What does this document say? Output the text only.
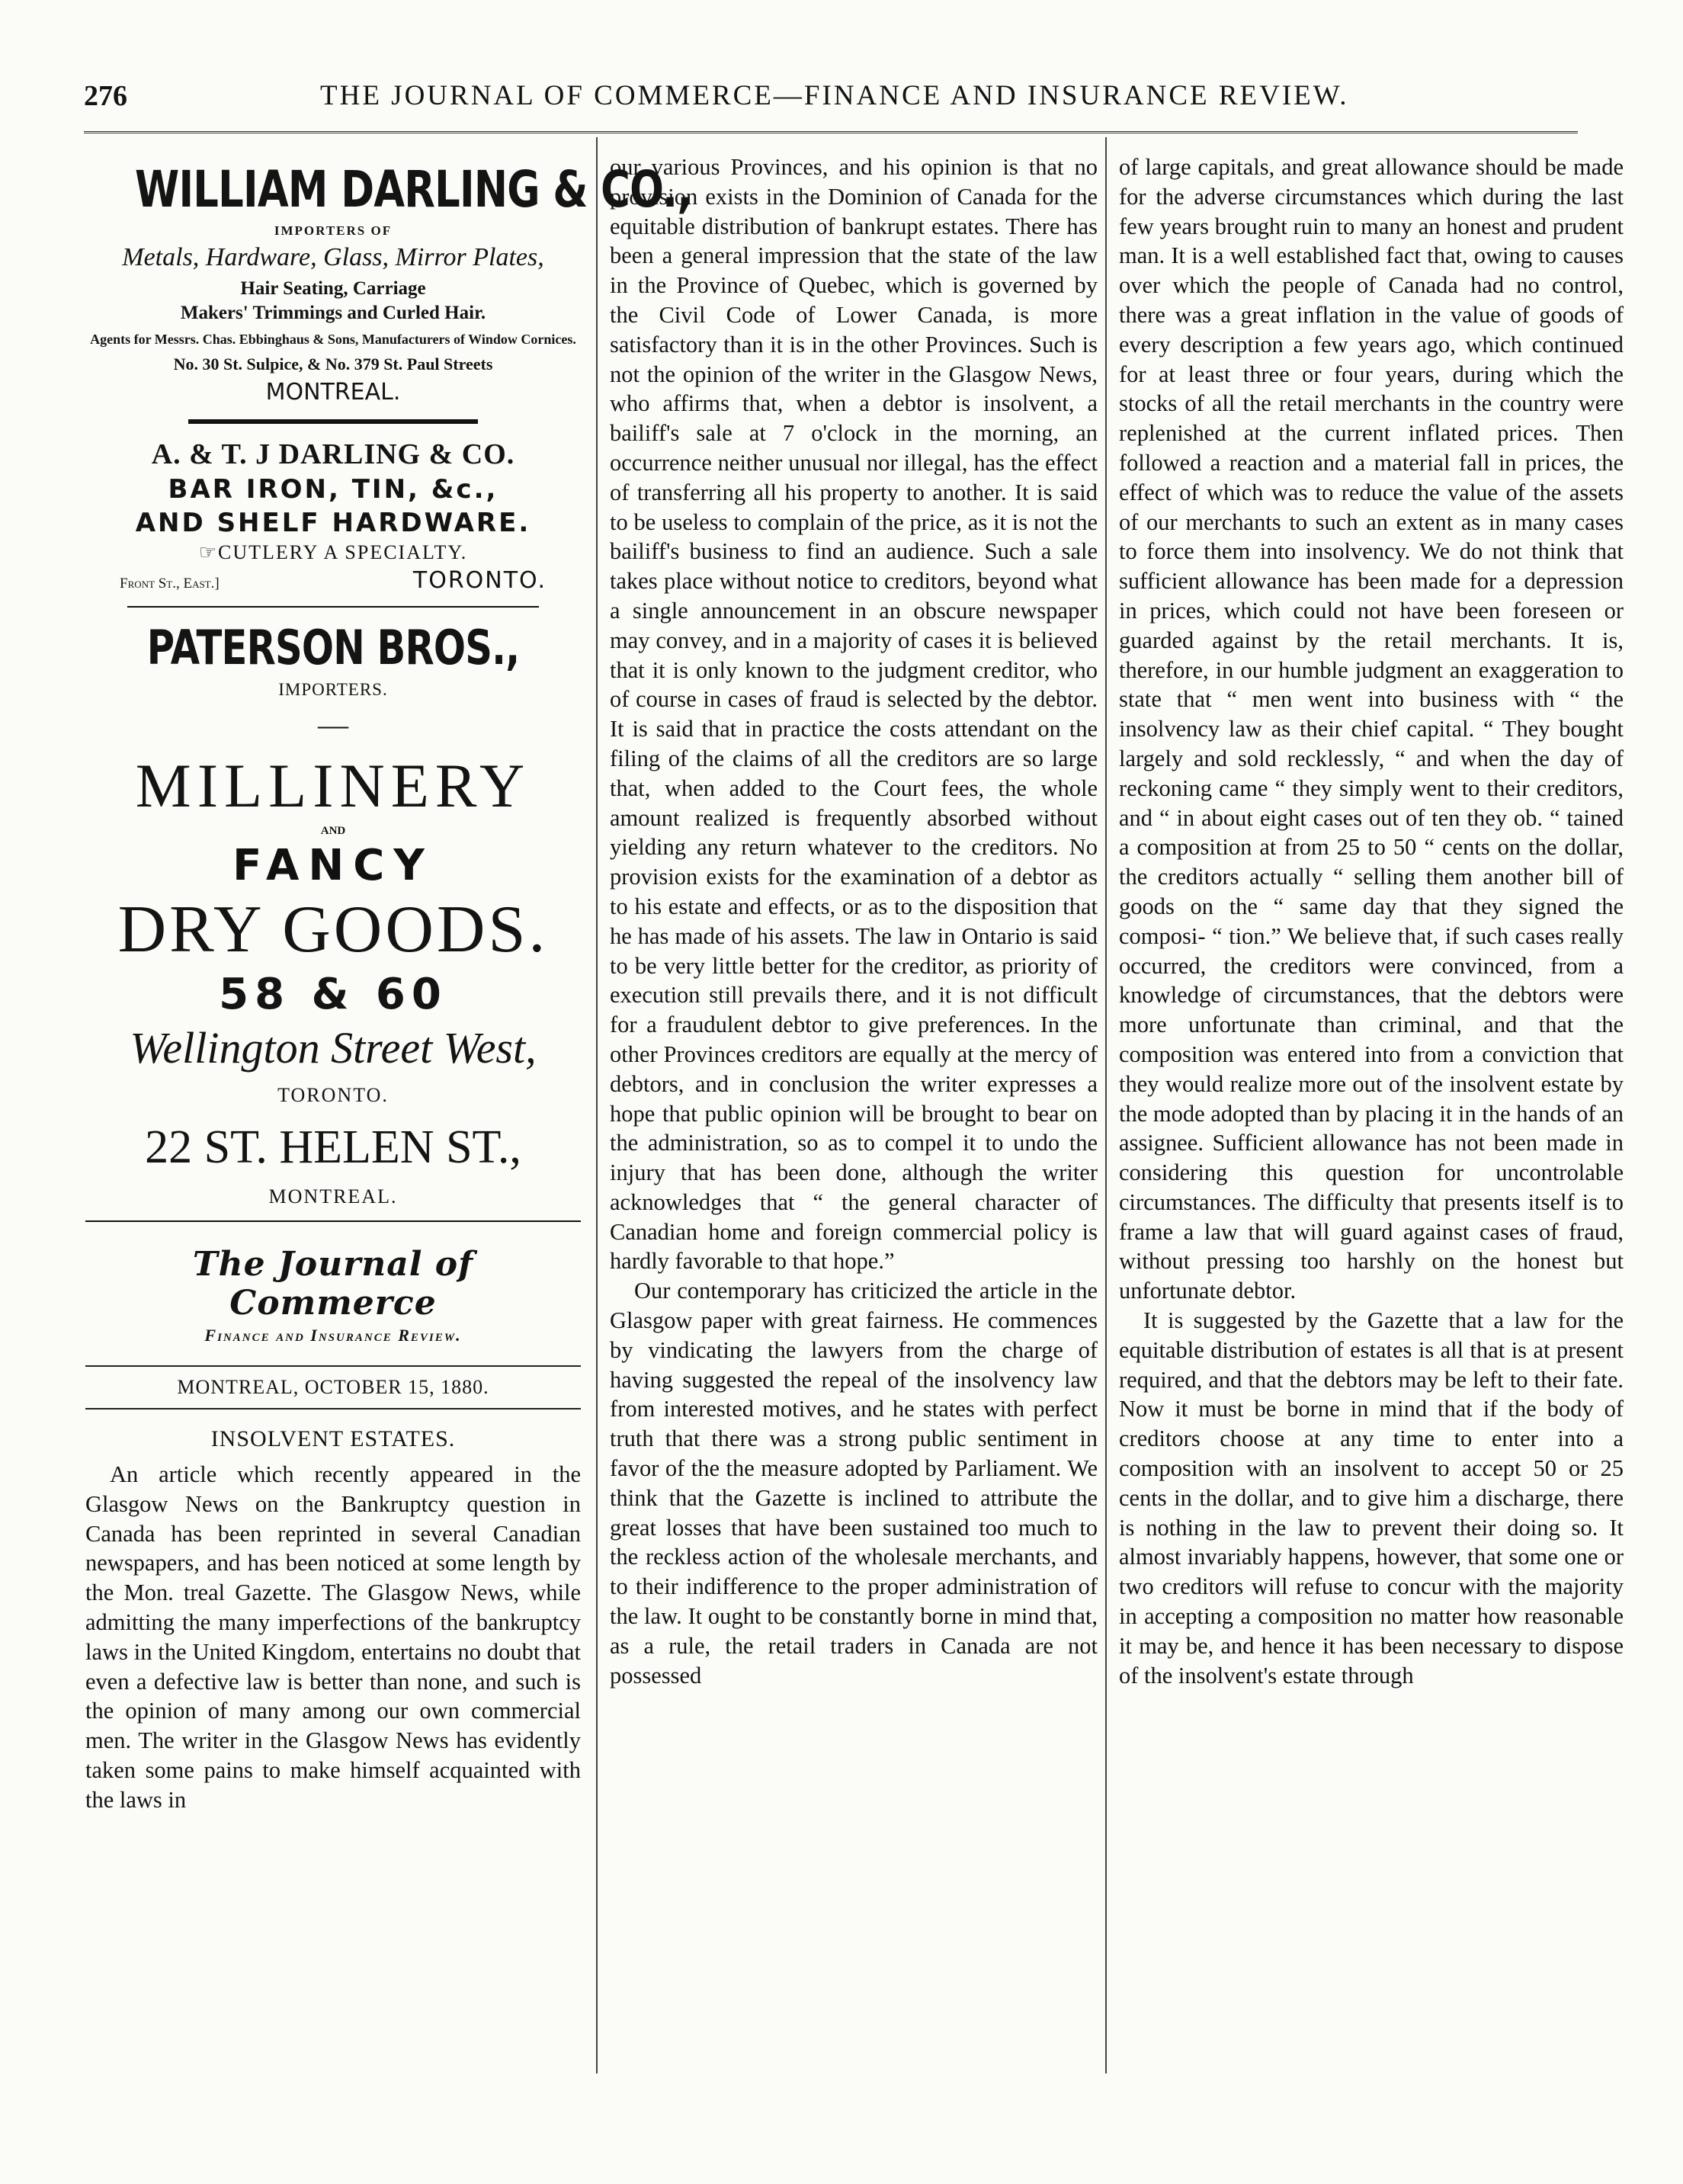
276	THE JOURNAL OF COMMERCE—FINANCE AND INSURANCE REVIEW.
WILLIAM DARLING & CO.,
IMPORTERS OF
Metals, Hardware, Glass, Mirror Plates,
Hair Seating, Carriage
Makers' Trimmings and Curled Hair.
Agents for Messrs. Chas. Ebbinghaus & Sons, Manufacturers of Window Cornices.
No. 30 St. Sulpice, & No. 379 St. Paul Streets
MONTREAL.
A. & T. J DARLING & CO.
BAR IRON, TIN, &c.,
AND SHELF HARDWARE.
☞CUTLERY A SPECIALTY.
Front St., East.]	TORONTO.
PATERSON BROS.,
IMPORTERS.
—
MILLINERY
AND
FANCY
DRY GOODS.
58 & 60
Wellington Street West,
TORONTO.
22 ST. HELEN ST.,
MONTREAL.
The Journal of Commerce
Finance and Insurance Review.
MONTREAL, OCTOBER 15, 1880.
INSOLVENT ESTATES.

An article which recently appeared in the Glasgow News on the Bankruptcy question in Canada has been reprinted in several Canadian newspapers, and has been noticed at some length by the Mon. treal Gazette. The Glasgow News, while admitting the many imperfections of the bankruptcy laws in the United Kingdom, entertains no doubt that even a defective law is better than none, and such is the opinion of many among our own commercial men. The writer in the Glasgow News has evidently taken some pains to make himself acquainted with the laws in

our various Provinces, and his opinion is that no provision exists in the Dominion of Canada for the equitable distribution of bankrupt estates. There has been a general impression that the state of the law in the Province of Quebec, which is governed by the Civil Code of Lower Canada, is more satisfactory than it is in the other Provinces. Such is not the opinion of the writer in the Glasgow News, who affirms that, when a debtor is insolvent, a bailiff's sale at 7 o'clock in the morning, an occurrence neither unusual nor illegal, has the effect of transferring all his property to another. It is said to be useless to complain of the price, as it is not the bailiff's business to find an audience. Such a sale takes place without notice to creditors, beyond what a single announcement in an obscure newspaper may convey, and in a majority of cases it is believed that it is only known to the judgment creditor, who of course in cases of fraud is selected by the debtor. It is said that in practice the costs attendant on the filing of the claims of all the creditors are so large that, when added to the Court fees, the whole amount realized is frequently absorbed without yielding any return whatever to the creditors. No provision exists for the examination of a debtor as to his estate and effects, or as to the disposition that he has made of his assets. The law in Ontario is said to be very little better for the creditor, as priority of execution still prevails there, and it is not difficult for a fraudulent debtor to give preferences. In the other Provinces creditors are equally at the mercy of debtors, and in conclusion the writer expresses a hope that public opinion will be brought to bear on the administration, so as to compel it to undo the injury that has been done, although the writer acknowledges that “ the general character of Canadian home and foreign commercial policy is hardly favorable to that hope.”

Our contemporary has criticized the article in the Glasgow paper with great fairness. He commences by vindicating the lawyers from the charge of having suggested the repeal of the insolvency law from interested motives, and he states with perfect truth that there was a strong public sentiment in favor of the the measure adopted by Parliament. We think that the Gazette is inclined to attribute the great losses that have been sustained too much to the reckless action of the wholesale merchants, and to their indifference to the proper administration of the law. It ought to be constantly borne in mind that, as a rule, the retail traders in Canada are not possessed

of large capitals, and great allowance should be made for the adverse circumstances which during the last few years brought ruin to many an honest and prudent man. It is a well established fact that, owing to causes over which the people of Canada had no control, there was a great inflation in the value of goods of every description a few years ago, which continued for at least three or four years, during which the stocks of all the retail merchants in the country were replenished at the current inflated prices. Then followed a reaction and a material fall in prices, the effect of which was to reduce the value of the assets of our merchants to such an extent as in many cases to force them into insolvency. We do not think that sufficient allowance has been made for a depression in prices, which could not have been foreseen or guarded against by the retail merchants. It is, therefore, in our humble judgment an exaggeration to state that “ men went into business with “ the insolvency law as their chief capital. “ They bought largely and sold recklessly, “ and when the day of reckoning came “ they simply went to their creditors, and “ in about eight cases out of ten they ob. “ tained a composition at from 25 to 50 “ cents on the dollar, the creditors actually “ selling them another bill of goods on the “ same day that they signed the composi- “ tion.” We believe that, if such cases really occurred, the creditors were convinced, from a knowledge of circumstances, that the debtors were more unfortunate than criminal, and that the composition was entered into from a conviction that they would realize more out of the insolvent estate by the mode adopted than by placing it in the hands of an assignee. Sufficient allowance has not been made in considering this question for uncontrolable circumstances. The difficulty that presents itself is to frame a law that will guard against cases of fraud, without pressing too harshly on the honest but unfortunate debtor.

It is suggested by the Gazette that a law for the equitable distribution of estates is all that is at present required, and that the debtors may be left to their fate. Now it must be borne in mind that if the body of creditors choose at any time to enter into a composition with an insolvent to accept 50 or 25 cents in the dollar, and to give him a discharge, there is nothing in the law to prevent their doing so. It almost invariably happens, however, that some one or two creditors will refuse to concur with the majority in accepting a composition no matter how reasonable it may be, and hence it has been necessary to dispose of the insolvent's estate through
